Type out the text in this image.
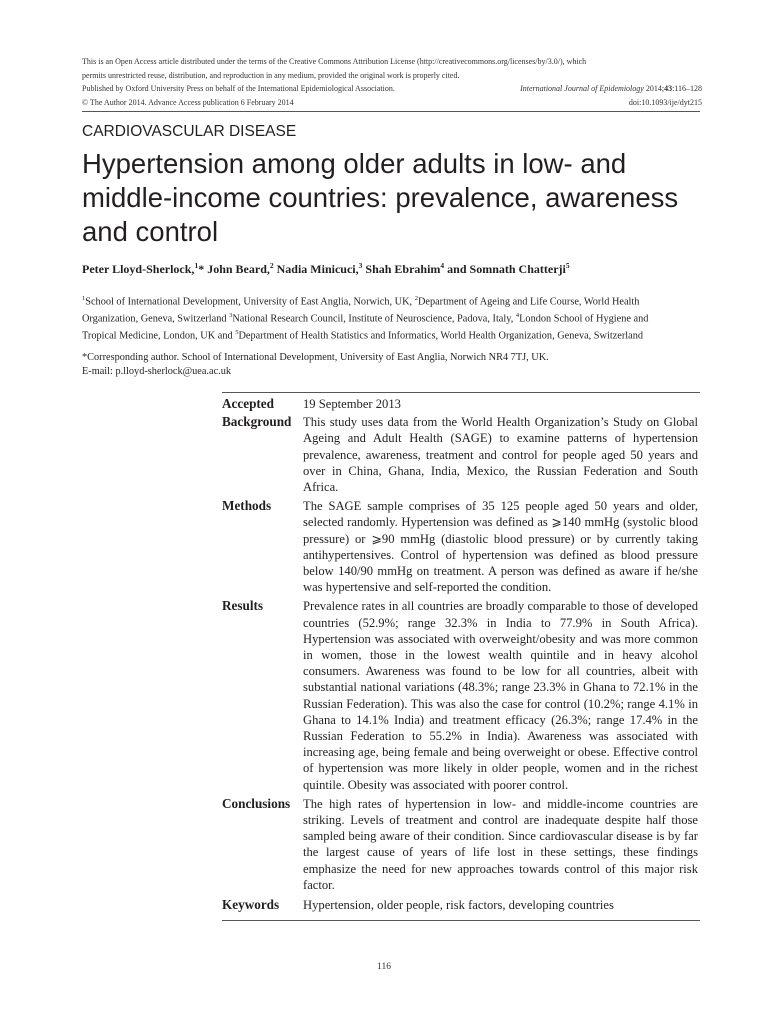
This is an Open Access article distributed under the terms of the Creative Commons Attribution License (http://creativecommons.org/licenses/by/3.0/), which
permits unrestricted reuse, distribution, and reproduction in any medium, provided the original work is properly cited.
Published by Oxford University Press on behalf of the International Epidemiological Association.	International Journal of Epidemiology 2014;43:116–128
© The Author 2014. Advance Access publication 6 February 2014	doi:10.1093/ije/dyt215
CARDIOVASCULAR DISEASE
Hypertension among older adults in low- and middle-income countries: prevalence, awareness and control
Peter Lloyd-Sherlock,$^1$* John Beard,$^2$ Nadia Minicuci,$^3$ Shah Ebrahim$^4$ and Somnath Chatterji$^5$
$^1$School of International Development, University of East Anglia, Norwich, UK, $^2$Department of Ageing and Life Course, World Health Organization, Geneva, Switzerland $^3$National Research Council, Institute of Neuroscience, Padova, Italy, $^4$London School of Hygiene and Tropical Medicine, London, UK and $^5$Department of Health Statistics and Informatics, World Health Organization, Geneva, Switzerland
*Corresponding author. School of International Development, University of East Anglia, Norwich NR4 7TJ, UK.
E-mail: p.lloyd-sherlock@uea.ac.uk
Accepted	19 September 2013
Background This study uses data from the World Health Organization’s Study on Global Ageing and Adult Health (SAGE) to examine patterns of hypertension prevalence, awareness, treatment and control for people aged 50 years and over in China, Ghana, India, Mexico, the Russian Federation and South Africa.
Methods	The SAGE sample comprises of 35 125 people aged 50 years and older, selected randomly. Hypertension was defined as ⩾140 mmHg (systolic blood pressure) or ⩾90 mmHg (diastolic blood pressure) or by currently taking antihypertensives. Control of hypertension was defined as blood pressure below 140/90 mmHg on treatment. A person was defined as aware if he/she was hypertensive and self-reported the condition.
Results	Prevalence rates in all countries are broadly comparable to those of developed countries (52.9%; range 32.3% in India to 77.9% in South Africa). Hypertension was associated with overweight/obesity and was more common in women, those in the lowest wealth quintile and in heavy alcohol consumers. Awareness was found to be low for all countries, albeit with substantial national variations (48.3%; range 23.3% in Ghana to 72.1% in the Russian Federation). This was also the case for control (10.2%; range 4.1% in Ghana to 14.1% India) and treatment efficacy (26.3%; range 17.4% in the Russian Federation to 55.2% in India). Awareness was associated with increasing age, being female and being overweight or obese. Effective control of hypertension was more likely in older people, women and in the richest quintile. Obesity was associated with poorer control.
Conclusions	The high rates of hypertension in low- and middle-income countries are striking. Levels of treatment and control are inadequate despite half those sampled being aware of their condition. Since cardiovascular disease is by far the largest cause of years of life lost in these settings, these findings emphasize the need for new approaches towards control of this major risk factor.
Keywords	Hypertension, older people, risk factors, developing countries
116
